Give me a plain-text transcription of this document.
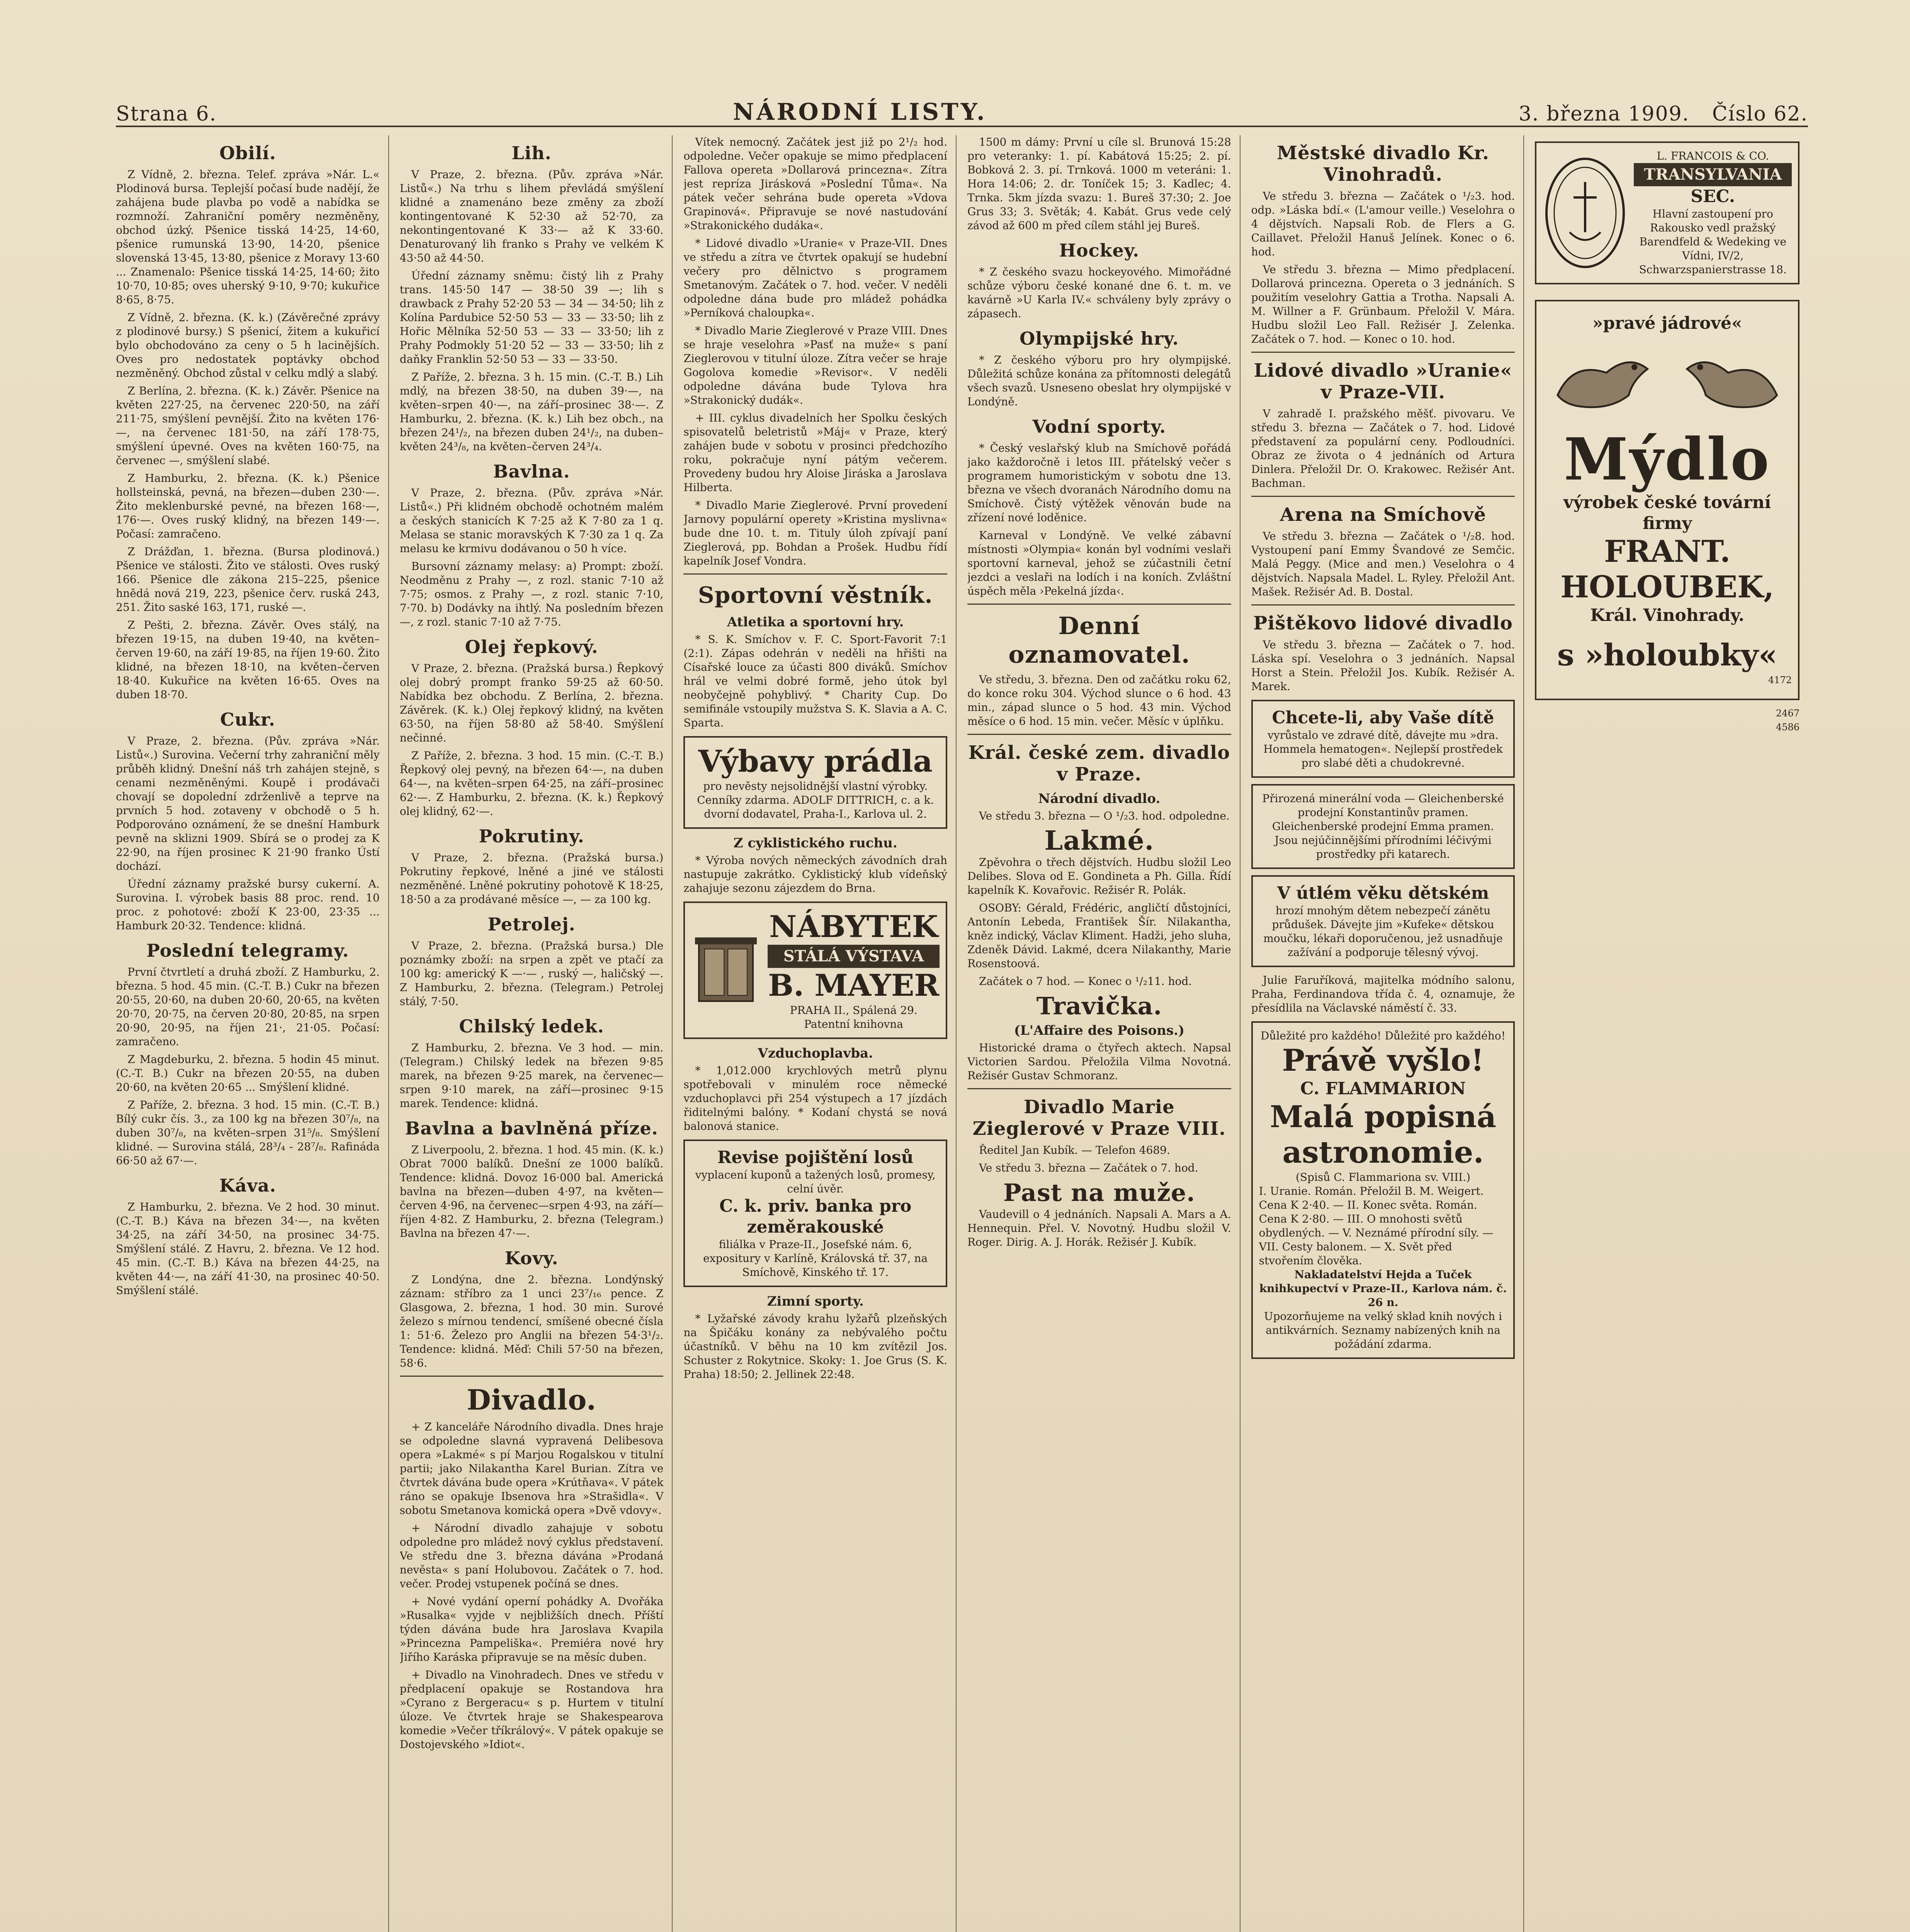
Strana 6.	NÁRODNÍ LISTY.	3. března 1909. Číslo 62.
Obilí.

Z Vídně, 2. března. Telef. zpráva »Nár. L.« Plodinová bursa. Teplejší počasí bude nadějí, že zahájena bude plavba po vodě a nabídka se rozmnoží. Zahraniční poměry nezměněny, obchod úzký. Pšenice tisská 14·25, 14·60, pšenice rumunská 13·90, 14·20, pšenice slovenská 13·45, 13·80, pšenice z Moravy 13·60 ... Znamenalo: Pšenice tisská 14·25, 14·60; žito 10·70, 10·85; oves uherský 9·10, 9·70; kukuřice 8·65, 8·75.

Z Vídně, 2. března. (K. k.) (Závěrečné zprávy z plodinové bursy.) S pšenicí, žitem a kukuřicí bylo obchodováno za ceny o 5 h lacinějších. Oves pro nedostatek poptávky obchod nezměněný. Obchod zůstal v celku mdlý a slabý.

Z Berlína, 2. března. (K. k.) Závěr. Pšenice na květen 227·25, na červenec 220·50, na září 211·75, smýšlení pevnější. Žito na květen 176·—, na červenec 181·50, na září 178·75, smýšlení úpevné. Oves na květen 160·75, na červenec —, smýšlení slabé.

Z Hamburku, 2. března. (K. k.) Pšenice hollsteinská, pevná, na březen—duben 230·—. Žito meklenburské pevné, na březen 168·—, 176·—. Oves ruský klidný, na březen 149·—. Počasí: zamračeno.

Z Drážďan, 1. března. (Bursa plodinová.) Pšenice ve stálosti. Žito ve stálosti. Oves ruský 166. Pšenice dle zákona 215–225, pšenice hnědá nová 219, 223, pšenice červ. ruská 243, 251. Žito saské 163, 171, ruské —.

Z Pešti, 2. března. Závěr. Oves stálý, na březen 19·15, na duben 19·40, na květen–červen 19·60, na září 19·85, na říjen 19·60. Žito klidné, na březen 18·10, na květen–červen 18·40. Kukuřice na květen 16·65. Oves na duben 18·70.

Cukr.

V Praze, 2. března. (Pův. zpráva »Nár. Listů«.) Surovina. Večerní trhy zahraniční měly průběh klidný. Dnešní náš trh zahájen stejně, s cenami nezměněnými. Koupě i prodávači chovají se dopolední zdrženlivě a teprve na prvních 5 hod. zotaveny v obchodě o 5 h. Podporováno oznámení, že se dnešní Hamburk pevně na sklizni 1909. Sbírá se o prodej za K 22·90, na říjen prosinec K 21·90 franko Ústí dochází.

Úřední záznamy pražské bursy cukerní. A. Surovina. I. výrobek basis 88 proc. rend. 10 proc. z pohotové: zboží K 23·00, 23·35 ... Hamburk 20·32. Tendence: klidná.

Poslední telegramy.

První čtvrtletí a druhá zboží. Z Hamburku, 2. března. 5 hod. 45 min. (C.-T. B.) Cukr na březen 20·55, 20·60, na duben 20·60, 20·65, na květen 20·70, 20·75, na červen 20·80, 20·85, na srpen 20·90, 20·95, na říjen 21·, 21·05. Počasí: zamračeno.

Z Magdeburku, 2. března. 5 hodin 45 minut. (C.-T. B.) Cukr na březen 20·55, na duben 20·60, na květen 20·65 ... Smýšlení klidné.

Z Paříže, 2. března. 3 hod. 15 min. (C.-T. B.) Bílý cukr čís. 3., za 100 kg na březen 30⁷/₈, na duben 30⁷/₈, na květen–srpen 31⁵/₈. Smýšlení klidné. — Surovina stálá, 28³/₄ - 28⁷/₈. Rafináda 66·50 až 67·—.

Káva.

Z Hamburku, 2. března. Ve 2 hod. 30 minut. (C.-T. B.) Káva na březen 34·—, na květen 34·25, na září 34·50, na prosinec 34·75. Smýšlení stálé. Z Havru, 2. března. Ve 12 hod. 45 min. (C.-T. B.) Káva na březen 44·25, na květen 44·—, na září 41·30, na prosinec 40·50. Smýšlení stálé.

Lih.

V Praze, 2. března. (Pův. zpráva »Nár. Listů«.) Na trhu s lihem převládá smýšlení klidné a znamenáno beze změny za zboží kontingentované K 52·30 až 52·70, za nekontingentované K 33·— až K 33·60. Denaturovaný lih franko s Prahy ve velkém K 43·50 až 44·50.

Úřední záznamy sněmu: čistý lih z Prahy trans. 145·50 147 — 38·50 39 —; lih s drawback z Prahy 52·20 53 — 34 — 34·50; lih z Kolína Pardubice 52·50 53 — 33 — 33·50; lih z Hořic Mělníka 52·50 53 — 33 — 33·50; lih z Prahy Podmokly 51·20 52 — 33 — 33·50; lih z daňky Franklin 52·50 53 — 33 — 33·50.

Z Paříže, 2. března. 3 h. 15 min. (C.-T. B.) Lih mdlý, na březen 38·50, na duben 39·—, na květen–srpen 40·—, na září–prosinec 38·—. Z Hamburku, 2. března. (K. k.) Lih bez obch., na březen 24¹/₂, na březen duben 24¹/₂, na duben–květen 24³/₈, na květen–červen 24³/₄.

Bavlna.

V Praze, 2. března. (Pův. zpráva »Nár. Listů«.) Při klidném obchodě ochotném malém a českých stanicích K 7·25 až K 7·80 za 1 q. Melasa se stanic moravských K 7·30 za 1 q. Za melasu ke krmivu dodávanou o 50 h více.

Bursovní záznamy melasy: a) Prompt: zboží. Neodměnu z Prahy —, z rozl. stanic 7·10 až 7·75; osmos. z Prahy —, z rozl. stanic 7·10, 7·70. b) Dodávky na ihtlý. Na posledním březen —, z rozl. stanic 7·10 až 7·75.

Olej řepkový.

V Praze, 2. března. (Pražská bursa.) Řepkový olej dobrý prompt franko 59·25 až 60·50. Nabídka bez obchodu. Z Berlína, 2. března. Závěrek. (K. k.) Olej řepkový klidný, na květen 63·50, na říjen 58·80 až 58·40. Smýšlení nečinné.

Z Paříže, 2. března. 3 hod. 15 min. (C.-T. B.) Řepkový olej pevný, na březen 64·—, na duben 64·—, na květen–srpen 64·25, na září–prosinec 62·—. Z Hamburku, 2. března. (K. k.) Řepkový olej klidný, 62·—.

Pokrutiny.

V Praze, 2. března. (Pražská bursa.) Pokrutiny řepkové, lněné a jiné ve stálosti nezměněné. Lněné pokrutiny pohotově K 18·25, 18·50 a za prodávané měsíce —, — za 100 kg.

Petrolej.

V Praze, 2. března. (Pražská bursa.) Dle poznámky zboží: na srpen a zpět ve ptačí za 100 kg: americký K —·— , ruský —, haličský —. Z Hamburku, 2. března. (Telegram.) Petrolej stálý, 7·50.

Chilský ledek.

Z Hamburku, 2. března. Ve 3 hod. — min. (Telegram.) Chilský ledek na březen 9·85 marek, na březen 9·25 marek, na červenec—srpen 9·10 marek, na září—prosinec 9·15 marek. Tendence: klidná.

Bavlna a bavlněná příze.

Z Liverpoolu, 2. března. 1 hod. 45 min. (K. k.) Obrat 7000 balíků. Dnešní ze 1000 balíků. Tendence: klidná. Dovoz 16·000 bal. Americká bavlna na březen—duben 4·97, na květen—červen 4·96, na červenec—srpen 4·93, na září—říjen 4·82. Z Hamburku, 2. března (Telegram.) Bavlna na březen 47·—.

Kovy.

Z Londýna, dne 2. března. Londýnský záznam: stříbro za 1 unci 23⁷/₁₆ pence. Z Glasgowa, 2. března, 1 hod. 30 min. Surové železo s mírnou tendencí, smíšené obecné čísla 1: 51·6. Železo pro Anglii na březen 54·3¹/₂. Tendence: klidná. Měď: Chili 57·50 na březen, 58·6.

Divadlo.

+ Z kanceláře Národního divadla. Dnes hraje se odpoledne slavná vypravená Delibesova opera »Lakmé« s pí Marjou Rogalskou v titulní partii; jako Nilakantha Karel Burian. Zítra ve čtvrtek dávána bude opera »Krútňava«. V pátek ráno se opakuje Ibsenova hra »Strašidla«. V sobotu Smetanova komická opera »Dvě vdovy«.

+ Národní divadlo zahajuje v sobotu odpoledne pro mládež nový cyklus představení. Ve středu dne 3. března dávána »Prodaná nevěsta« s paní Holubovou. Začátek o 7. hod. večer. Prodej vstupenek počíná se dnes.

+ Nové vydání operní pohádky A. Dvořáka »Rusalka« vyjde v nejbližších dnech. Příští týden dávána bude hra Jaroslava Kvapila »Princezna Pampeliška«. Premiéra nové hry Jiřího Karáska připravuje se na měsíc duben.

+ Divadlo na Vinohradech. Dnes ve středu v předplacení opakuje se Rostandova hra »Cyrano z Bergeracu« s p. Hurtem v titulní úloze. Ve čtvrtek hraje se Shakespearova komedie »Večer tříkrálový«. V pátek opakuje se Dostojevského »Idiot«.

Vítek nemocný. Začátek jest již po 2¹/₂ hod. odpoledne. Večer opakuje se mimo předplacení Fallova opereta »Dollarová princezna«. Zítra jest repríza Jirásková »Poslední Tůma«. Na pátek večer sehrána bude opereta »Vdova Grapinová«. Připravuje se nové nastudování »Strakonického dudáka«.

* Lidové divadlo »Uranie« v Praze-VII. Dnes ve středu a zítra ve čtvrtek opakují se hudební večery pro dělnictvo s programem Smetanovým. Začátek o 7. hod. večer. V neděli odpoledne dána bude pro mládež pohádka »Perníková chaloupka«.

* Divadlo Marie Zieglerové v Praze VIII. Dnes se hraje veselohra »Pasť na muže« s paní Zieglerovou v titulní úloze. Zítra večer se hraje Gogolova komedie »Revisor«. V neděli odpoledne dávána bude Tylova hra »Strakonický dudák«.

+ III. cyklus divadelních her Spolku českých spisovatelů beletristů »Máj« v Praze, který zahájen bude v sobotu v prosinci předchozího roku, pokračuje nyní pátým večerem. Provedeny budou hry Aloise Jiráska a Jaroslava Hilberta.

* Divadlo Marie Zieglerové. První provedení Jarnovy populární operety »Kristina myslivna« bude dne 10. t. m. Tituly úloh zpívají paní Zieglerová, pp. Bohdan a Prošek. Hudbu řídí kapelník Josef Vondra.

Sportovní věstník.
Atletika a sportovní hry.

* S. K. Smíchov v. F. C. Sport-Favorit 7:1 (2:1). Zápas odehrán v neděli na hřišti na Císařské louce za účasti 800 diváků. Smíchov hrál ve velmi dobré formě, jeho útok byl neobyčejně pohyblivý. * Charity Cup. Do semifinále vstoupily mužstva S. K. Slavia a A. C. Sparta.

Výbavy prádla
pro nevěsty nejsolidnější vlastní výrobky. Cenníky zdarma. ADOLF DITTRICH, c. a k. dvorní dodavatel, Praha-I., Karlova ul. 2.
Z cyklistického ruchu.

* Výroba nových německých závodních drah nastupuje zakrátko. Cyklistický klub vídeňský zahajuje sezonu zájezdem do Brna.

NÁBYTEK
STÁLÁ VÝSTAVA
B. MAYER
PRAHA II., Spálená 29.
Patentní knihovna
Vzduchoplavba.

* 1,012.000 krychlových metrů plynu spotřebovali v minulém roce německé vzduchoplavci při 254 výstupech a 17 jízdách řiditelnými balóny. * Kodaní chystá se nová balonová stanice.

Revise pojištění losů
vyplacení kuponů a tažených losů, promesy, celní úvěr.
C. k. priv. banka pro zeměrakouské
filiálka v Praze-II., Josefské nám. 6, expositury v Karlíně, Královská tř. 37, na Smíchově, Kinského tř. 17.
Zimní sporty.

* Lyžařské závody krahu lyžařů plzeňských na Špičáku konány za nebývalého počtu účastníků. V běhu na 10 km zvítězil Jos. Schuster z Rokytnice. Skoky: 1. Joe Grus (S. K. Praha) 18:50; 2. Jellinek 22:48.

1500 m dámy: První u cíle sl. Brunová 15:28 pro veteranky: 1. pí. Kabátová 15:25; 2. pí. Bobková 2. 3. pí. Trnková. 1000 m veteráni: 1. Hora 14:06; 2. dr. Toníček 15; 3. Kadlec; 4. Trnka. 5km jízda svazu: 1. Bureš 37:30; 2. Joe Grus 33; 3. Světák; 4. Kabát. Grus vede celý závod až 600 m před cílem stáhl jej Bureš.

Hockey.

* Z českého svazu hockeyového. Mimořádné schůze výboru české konané dne 6. t. m. ve kavárně »U Karla IV.« schváleny byly zprávy o zápasech.

Olympijské hry.

* Z českého výboru pro hry olympijské. Důležitá schůze konána za přítomnosti delegátů všech svazů. Usneseno obeslat hry olympijské v Londýně.

Vodní sporty.

* Český veslařský klub na Smíchově pořádá jako každoročně i letos III. přátelský večer s programem humoristickým v sobotu dne 13. března ve všech dvoranách Národního domu na Smíchově. Čistý výtěžek věnován bude na zřízení nové loděnice.

Karneval v Londýně. Ve velké zábavní místnosti »Olympia« konán byl vodními veslaři sportovní karneval, jehož se zúčastnili četní jezdci a veslaři na lodích i na koních. Zvláštní úspěch měla ›Pekelná jízda‹.

Denní oznamovatel.

Ve středu, 3. března. Den od začátku roku 62, do konce roku 304. Východ slunce o 6 hod. 43 min., západ slunce o 5 hod. 43 min. Východ měsíce o 6 hod. 15 min. večer. Měsíc v úplňku.

Král. české zem. divadlo v Praze.
Národní divadlo.

Ve středu 3. března — O ¹/₂3. hod. odpoledne.

Lakmé.

Zpěvohra o třech dějstvích. Hudbu složil Leo Delibes. Slova od E. Gondineta a Ph. Gilla. Řídí kapelník K. Kovařovic. Režisér R. Polák.

OSOBY: Gérald, Frédéric, angličtí důstojníci, Antonín Lebeda, František Šír. Nilakantha, kněz indický, Václav Kliment. Hadži, jeho sluha, Zdeněk Dávid. Lakmé, dcera Nilakanthy, Marie Rosenstoová.

Začátek o 7 hod. — Konec o ¹/₂11. hod.

Travička.
(L'Affaire des Poisons.)

Historické drama o čtyřech aktech. Napsal Victorien Sardou. Přeložila Vilma Novotná. Režisér Gustav Schmoranz.

Divadlo Marie Zieglerové v Praze VIII.

Ředitel Jan Kubík. — Telefon 4689.

Ve středu 3. března — Začátek o 7. hod.

Past na muže.

Vaudevill o 4 jednáních. Napsali A. Mars a A. Hennequin. Přel. V. Novotný. Hudbu složil V. Roger. Dirig. A. J. Horák. Režisér J. Kubík.

Městské divadlo Kr. Vinohradů.

Ve středu 3. března — Začátek o ¹/₂3. hod. odp. »Láska bdí.« (L'amour veille.) Veselohra o 4 dějstvích. Napsali Rob. de Flers a G. Caillavet. Přeložil Hanuš Jelínek. Konec o 6. hod.

Ve středu 3. března — Mimo předplacení. Dollarová princezna. Opereta o 3 jednáních. S použitím veselohry Gattia a Trotha. Napsali A. M. Willner a F. Grünbaum. Přeložil V. Mára. Hudbu složil Leo Fall. Režisér J. Zelenka. Začátek o 7. hod. — Konec o 10. hod.

Lidové divadlo »Uranie« v Praze-VII.

V zahradě I. pražského měšť. pivovaru. Ve středu 3. března — Začátek o 7. hod. Lidové představení za populární ceny. Podloudníci. Obraz ze života o 4 jednáních od Artura Dinlera. Přeložil Dr. O. Krakowec. Režisér Ant. Bachman.

Arena na Smíchově

Ve středu 3. března — Začátek o ¹/₂8. hod. Vystoupení paní Emmy Švandové ze Semčic. Malá Peggy. (Mice and men.) Veselohra o 4 dějstvích. Napsala Madel. L. Ryley. Přeložil Ant. Mašek. Režisér Ad. B. Dostal.

Pištěkovo lidové divadlo

Ve středu 3. března — Začátek o 7. hod. Láska spí. Veselohra o 3 jednáních. Napsal Horst a Stein. Přeložil Jos. Kubík. Režisér A. Marek.

Chcete-li, aby Vaše dítě
vyrůstalo ve zdravé dítě, dávejte mu »dra. Hommela hematogen«. Nejlepší prostředek pro slabé děti a chudokrevné.
Přirozená minerální voda — Gleichenberské prodejní Konstantinův pramen. Gleichenberské prodejní Emma pramen. Jsou nejúčinnějšími přírodními léčivými prostředky při katarech.
V útlém věku dětském
hrozí mnohým dětem nebezpečí zánětu průdušek. Dávejte jim »Kufeke« dětskou moučku, lékaři doporučenou, jež usnadňuje zažívání a podporuje tělesný vývoj.

Julie Faruříková, majitelka módního salonu, Praha, Ferdinandova třída č. 4, oznamuje, že přesídlila na Václavské náměstí č. 33.

Důležité pro každého! Důležité pro každého!
Právě vyšlo!
C. FLAMMARION
Malá popisná astronomie.
(Spisů C. Flammariona sv. VIII.)
I. Uranie. Román. Přeložil B. M. Weigert. Cena K 2·40. — II. Konec světa. Román. Cena K 2·80. — III. O mnohosti světů obydlených. — V. Neznámé přírodní síly. — VII. Cesty balonem. — X. Svět před stvořením člověka.
Nakladatelství Hejda a Tuček knihkupectví v Praze-II., Karlova nám. č. 26 n.
Upozorňujeme na velký sklad knih nových i antikvárních. Seznamy nabízených knih na požádání zdarma.
L. FRANCOIS & CO.
TRANSYLVANIA
SEC.
Hlavní zastoupení pro Rakousko vedl pražský Barendfeld & Wedeking ve Vídni, IV/2, Schwarzspanierstrasse 18.
»pravé jádrové«
Mýdlo
výrobek české tovární firmy
FRANT. HOLOUBEK,
Král. Vinohrady.
s »holoubky«
4172
2467
4586
